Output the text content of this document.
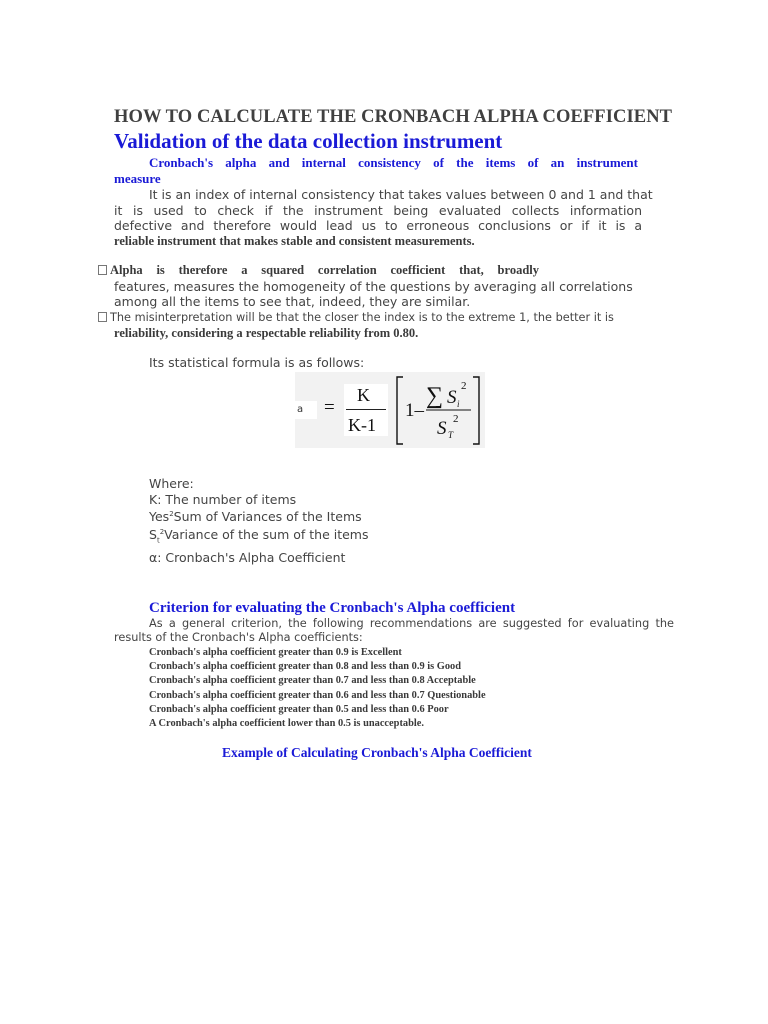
HOW TO CALCULATE THE CRONBACH ALPHA COEFFICIENT
Validation of the data collection instrument
Cronbach's alpha and internal consistency of the items of an instrument
measure
It is an index of internal consistency that takes values between 0 and 1 and that
it is used to check if the instrument being evaluated collects information
defective and therefore would lead us to erroneous conclusions or if it is a
reliable instrument that makes stable and consistent measurements.
Alpha is therefore a squared correlation coefficient that, broadly
features, measures the homogeneity of the questions by averaging all correlations
among all the items to see that, indeed, they are similar.
The misinterpretation will be that the closer the index is to the extreme 1, the better it is
reliability, considering a respectable reliability from 0.80.
Its statistical formula is as follows:
a	=
K
K-1
1–
∑ S i
2
S T
2
Where:
K: The number of items
Yes$^2$Sum of Variances of the Items
$S_t^2Variance$ of the sum of the items
α: Cronbach's Alpha Coefficient
Criterion for evaluating the Cronbach's Alpha coefficient
As a general criterion, the following recommendations are suggested for evaluating the
results of the Cronbach's Alpha coefficients:
Cronbach's alpha coefficient greater than 0.9 is Excellent
Cronbach's alpha coefficient greater than 0.8 and less than 0.9 is Good
Cronbach's alpha coefficient greater than 0.7 and less than 0.8 Acceptable
Cronbach's alpha coefficient greater than 0.6 and less than 0.7 Questionable
Cronbach's alpha coefficient greater than 0.5 and less than 0.6 Poor
A Cronbach's alpha coefficient lower than 0.5 is unacceptable.
Example of Calculating Cronbach's Alpha Coefficient
